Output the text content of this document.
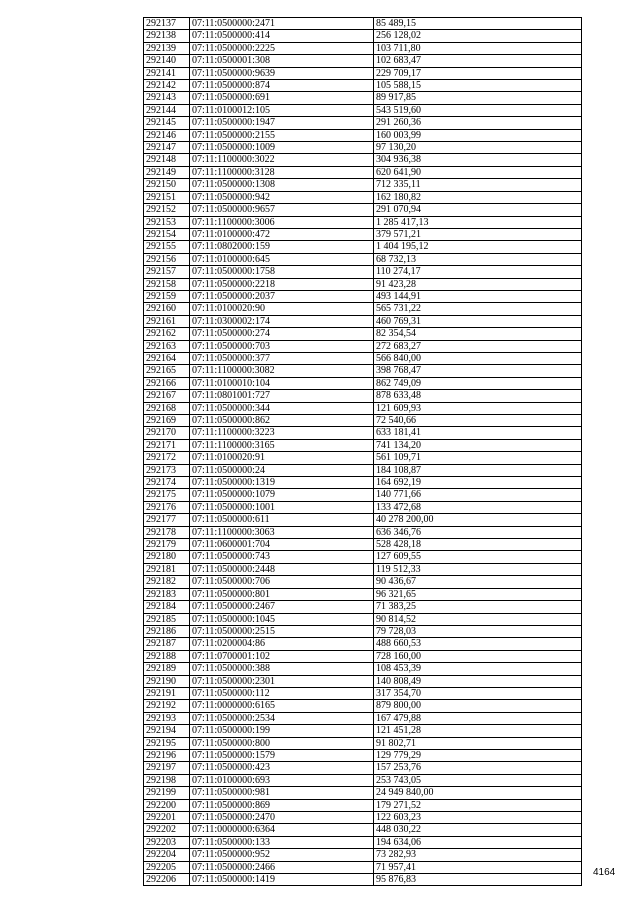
292137	07:11:0500000:2471	85 489,15
292138	07:11:0500000:414	256 128,02
292139	07:11:0500000:2225	103 711,80
292140	07:11:0500001:308	102 683,47
292141	07:11:0500000:9639	229 709,17
292142	07:11:0500000:874	105 588,15
292143	07:11:0500000:691	89 917,85
292144	07:11:0100012:105	543 519,60
292145	07:11:0500000:1947	291 260,36
292146	07:11:0500000:2155	160 003,99
292147	07:11:0500000:1009	97 130,20
292148	07:11:1100000:3022	304 936,38
292149	07:11:1100000:3128	620 641,90
292150	07:11:0500000:1308	712 335,11
292151	07:11:0500000:942	162 180,82
292152	07:11:0500000:9657	291 070,94
292153	07:11:1100000:3006	1 285 417,13
292154	07:11:0100000:472	379 571,21
292155	07:11:0802000:159	1 404 195,12
292156	07:11:0100000:645	68 732,13
292157	07:11:0500000:1758	110 274,17
292158	07:11:0500000:2218	91 423,28
292159	07:11:0500000:2037	493 144,91
292160	07:11:0100020:90	565 731,22
292161	07:11:0300002:174	460 769,31
292162	07:11:0500000:274	82 354,54
292163	07:11:0500000:703	272 683,27
292164	07:11:0500000:377	566 840,00
292165	07:11:1100000:3082	398 768,47
292166	07:11:0100010:104	862 749,09
292167	07:11:0801001:727	878 633,48
292168	07:11:0500000:344	121 609,93
292169	07:11:0500000:862	72 540,66
292170	07:11:1100000:3223	633 181,41
292171	07:11:1100000:3165	741 134,20
292172	07:11:0100020:91	561 109,71
292173	07:11:0500000:24	184 108,87
292174	07:11:0500000:1319	164 692,19
292175	07:11:0500000:1079	140 771,66
292176	07:11:0500000:1001	133 472,68
292177	07:11:0500000:611	40 278 200,00
292178	07:11:1100000:3063	636 346,76
292179	07:11:0600001:704	528 428,18
292180	07:11:0500000:743	127 609,55
292181	07:11:0500000:2448	119 512,33
292182	07:11:0500000:706	90 436,67
292183	07:11:0500000:801	96 321,65
292184	07:11:0500000:2467	71 383,25
292185	07:11:0500000:1045	90 814,52
292186	07:11:0500000:2515	79 728,03
292187	07:11:0200004:86	488 660,53
292188	07:11:0700001:102	728 160,00
292189	07:11:0500000:388	108 453,39
292190	07:11:0500000:2301	140 808,49
292191	07:11:0500000:112	317 354,70
292192	07:11:0000000:6165	879 800,00
292193	07:11:0500000:2534	167 479,88
292194	07:11:0500000:199	121 451,28
292195	07:11:0500000:800	91 802,71
292196	07:11:0500000:1579	129 779,29
292197	07:11:0500000:423	157 253,76
292198	07:11:0100000:693	253 743,05
292199	07:11:0500000:981	24 949 840,00
292200	07:11:0500000:869	179 271,52
292201	07:11:0500000:2470	122 603,23
292202	07:11:0000000:6364	448 030,22
292203	07:11:0500000:133	194 634,06
292204	07:11:0500000:952	73 282,93
292205	07:11:0500000:2466	71 957,41
292206	07:11:0500000:1419	95 876,83
4164
